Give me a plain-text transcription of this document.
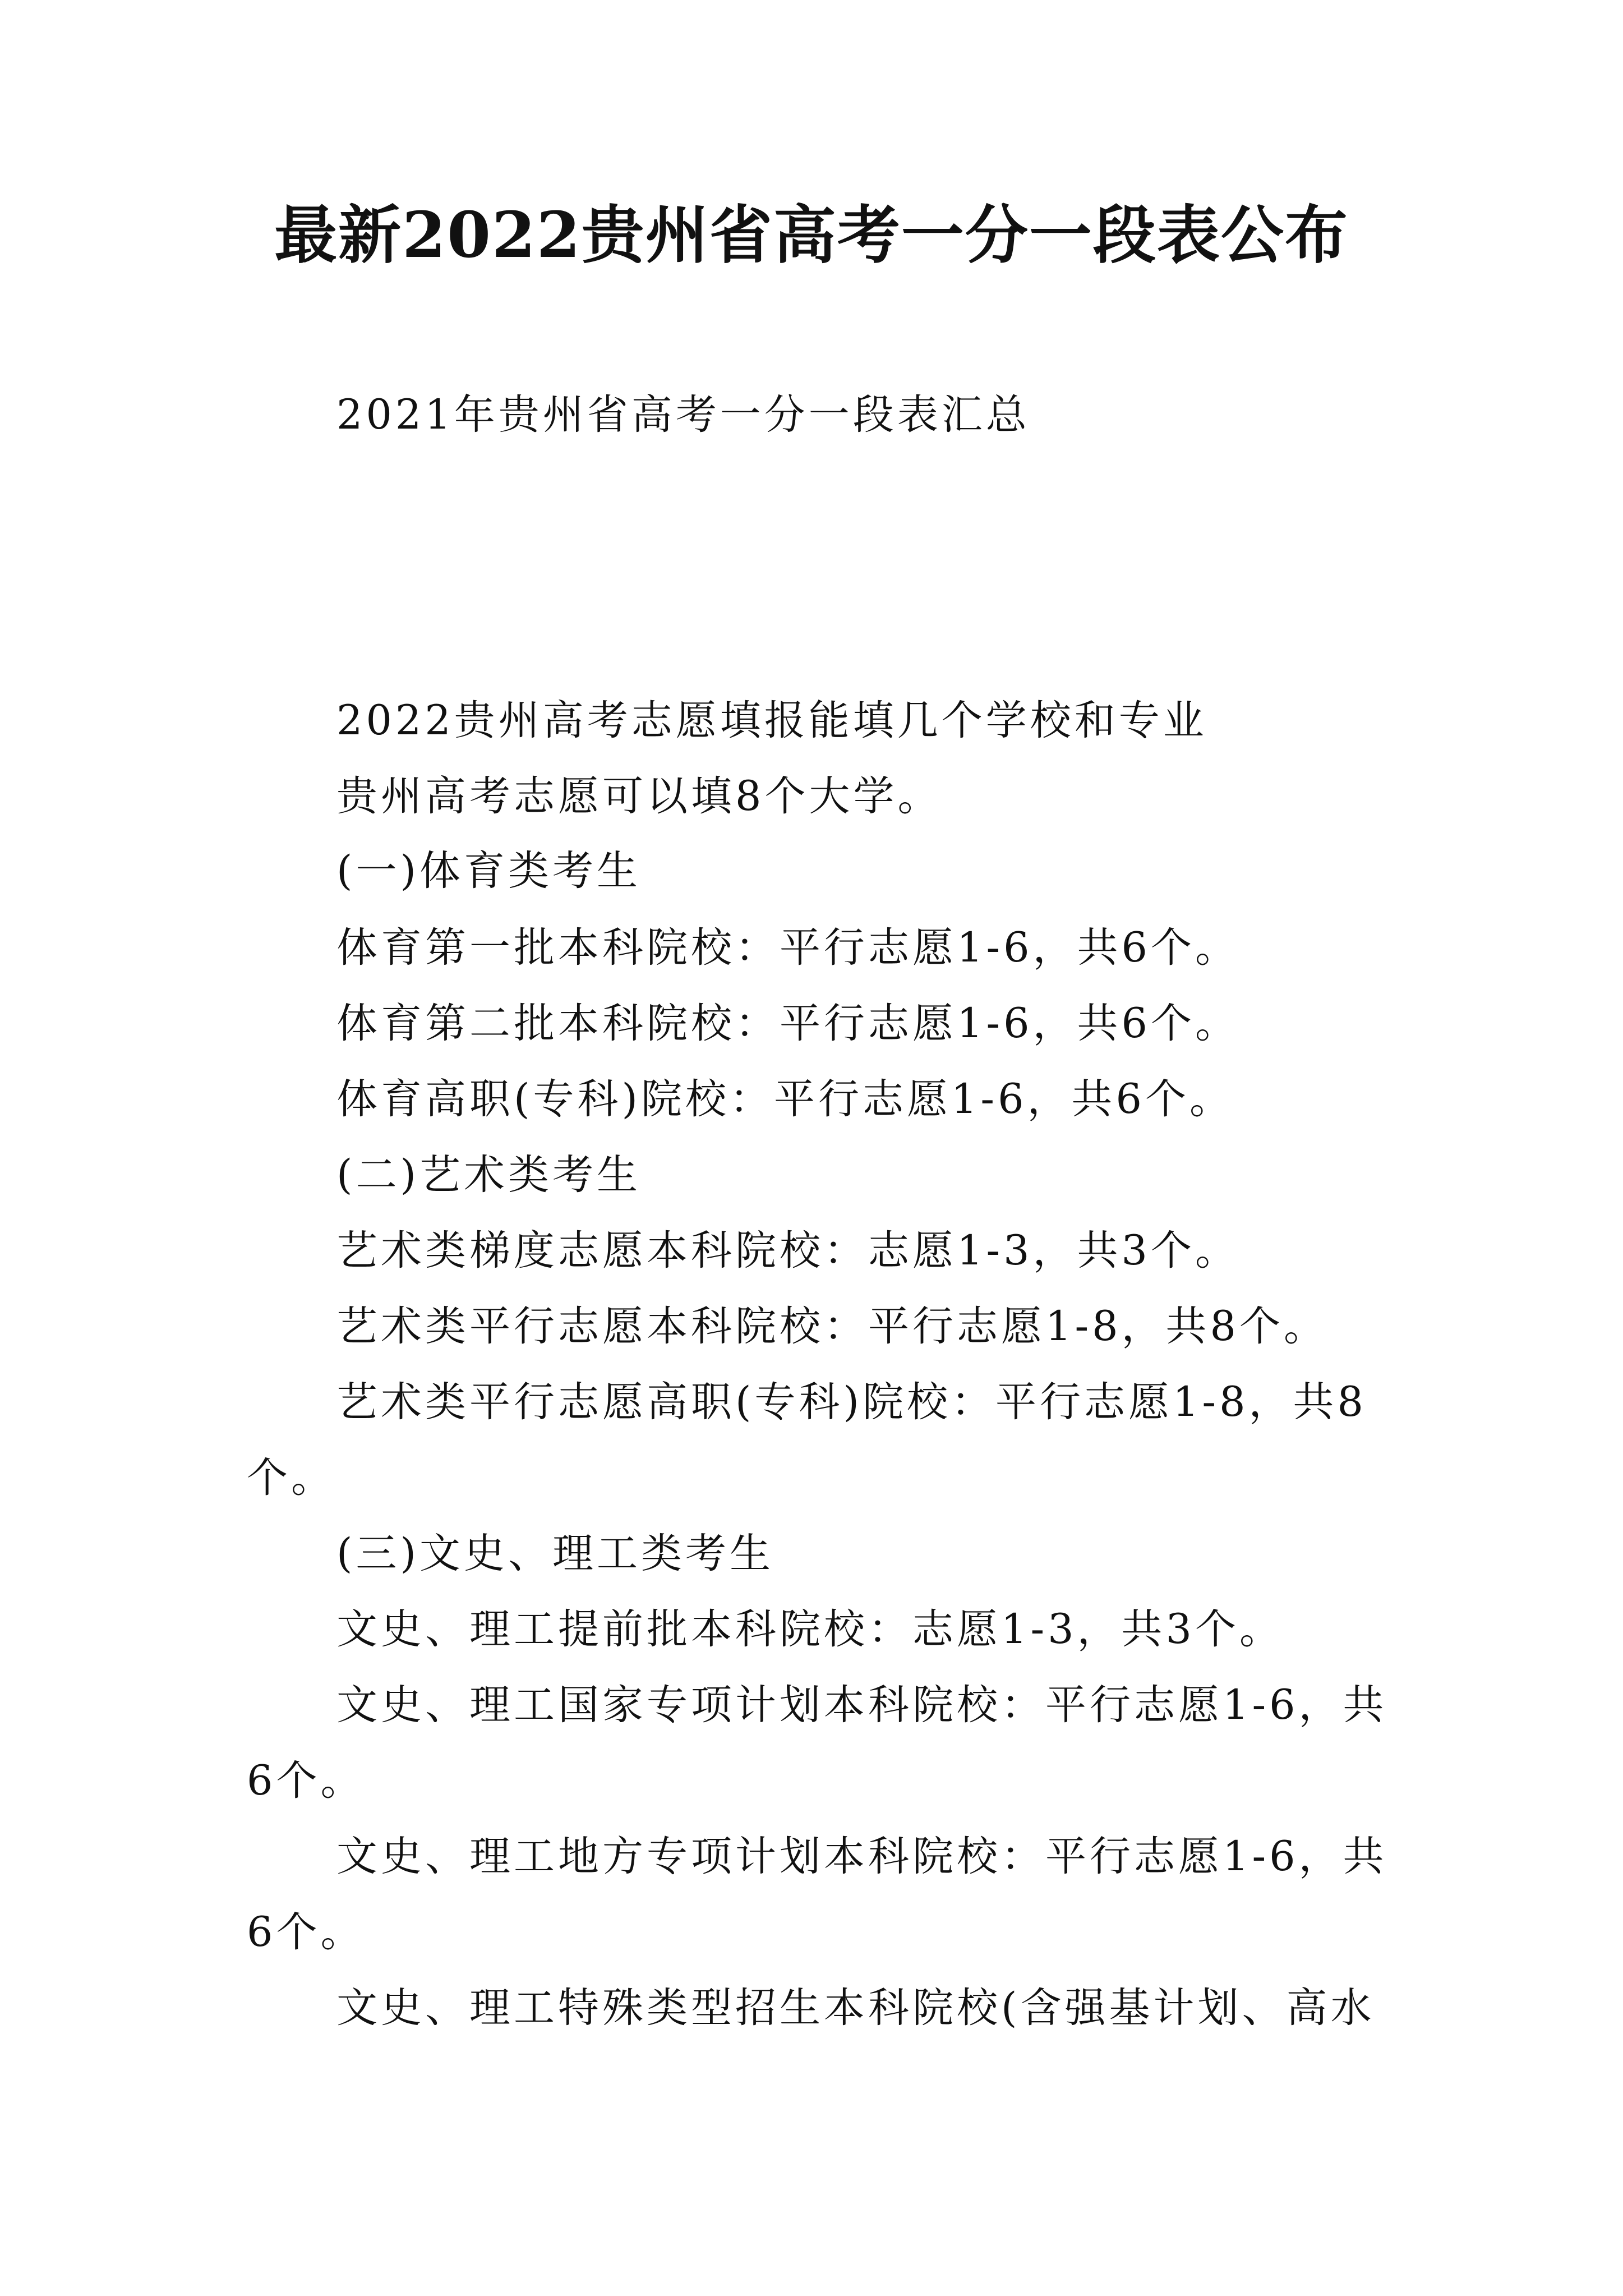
最新2022贵州省高考一分一段表公布
2021年贵州省高考一分一段表汇总
2022贵州高考志愿填报能填几个学校和专业
贵州高考志愿可以填8个大学。
(一)体育类考生
体育第一批本科院校：平行志愿1-6，共6个。
体育第二批本科院校：平行志愿1-6，共6个。
体育高职(专科)院校：平行志愿1-6，共6个。
(二)艺术类考生
艺术类梯度志愿本科院校：志愿1-3，共3个。
艺术类平行志愿本科院校：平行志愿1-8，共8个。
艺术类平行志愿高职(专科)院校：平行志愿1-8，共8
个。
(三)文史、理工类考生
文史、理工提前批本科院校：志愿1-3，共3个。
文史、理工国家专项计划本科院校：平行志愿1-6，共
6个。
文史、理工地方专项计划本科院校：平行志愿1-6，共
6个。
文史、理工特殊类型招生本科院校(含强基计划、高水
